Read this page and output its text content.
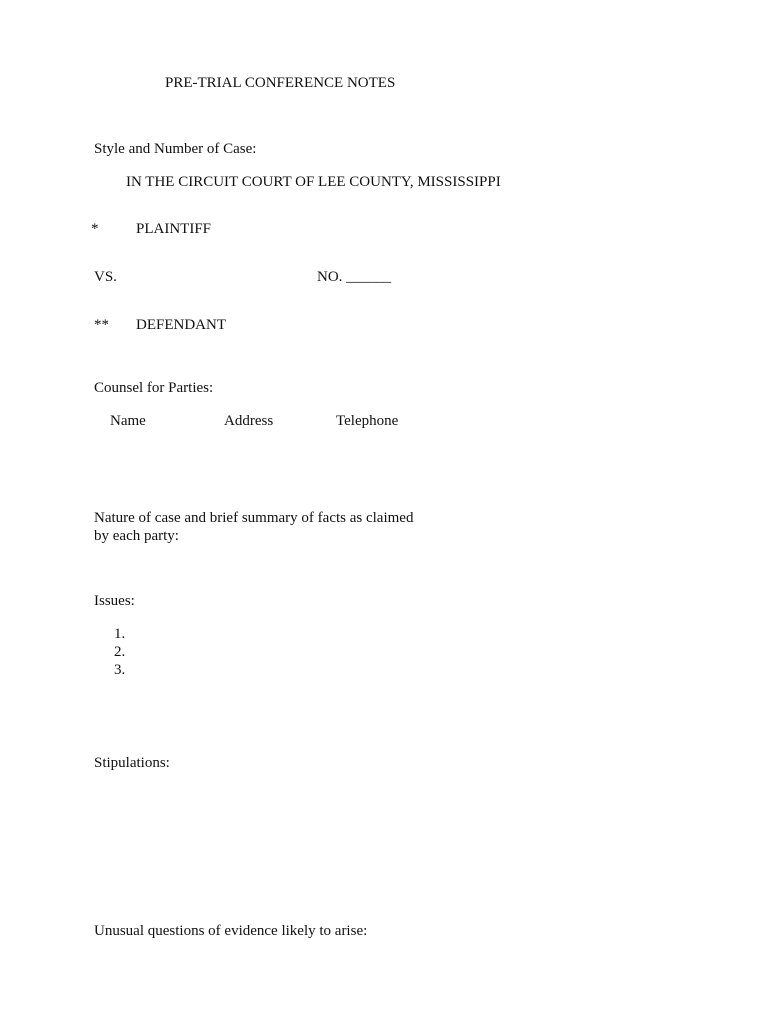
PRE-TRIAL CONFERENCE NOTES
Style and Number of Case:
IN THE CIRCUIT COURT OF LEE COUNTY, MISSISSIPPI
*	PLAINTIFF
VS.	NO. ______
** DEFENDANT
Counsel for Parties:
Name	Address	Telephone
Nature of case and brief summary of facts as claimed
by each party:
Issues:
1.
2.
3.
Stipulations:
Unusual questions of evidence likely to arise:
